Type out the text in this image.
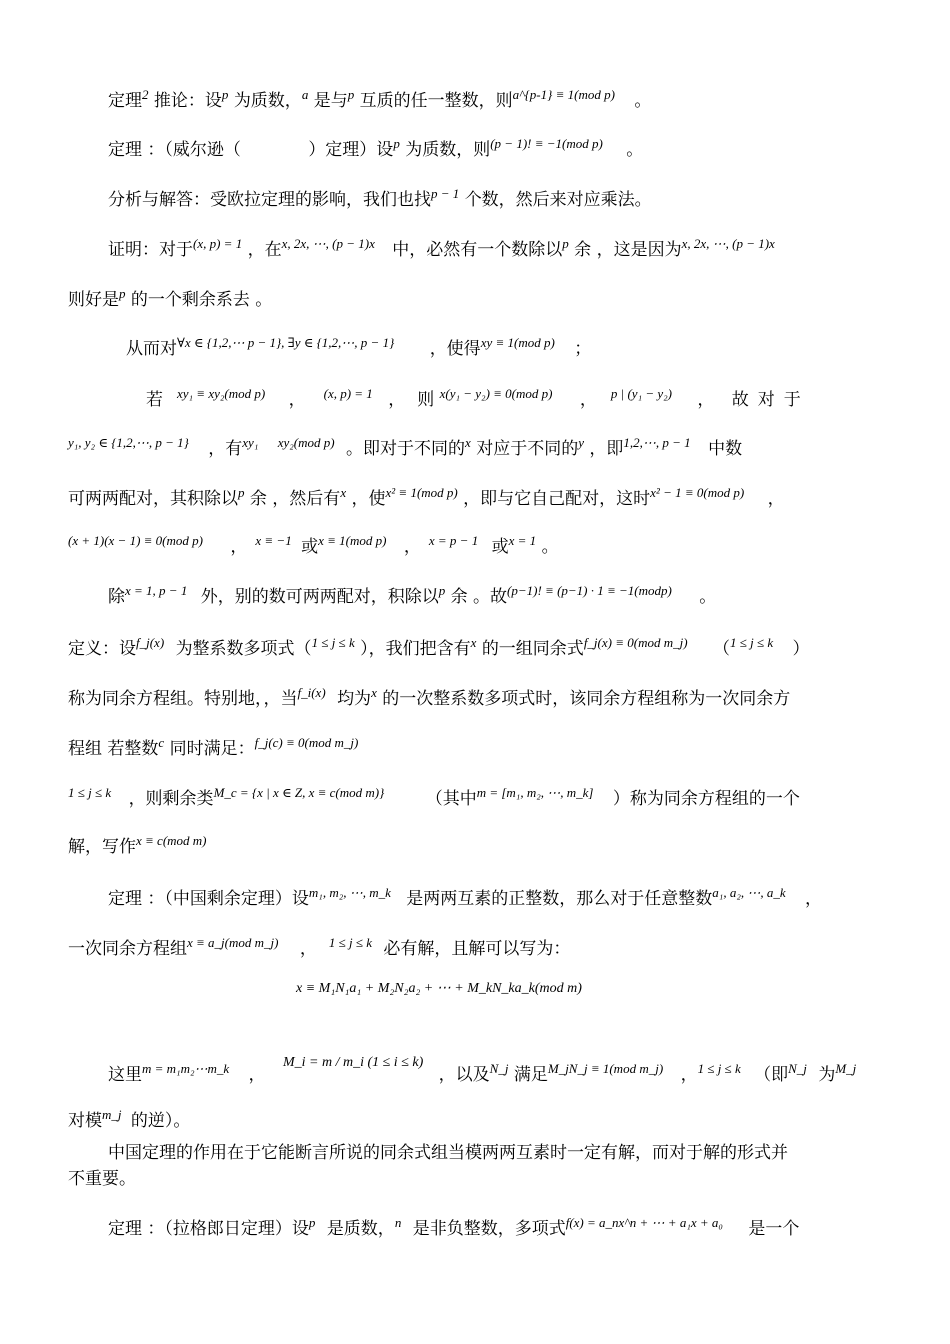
定理$^2$ 推论：设$^p$ 为质数，$^a$ 是与$^p$ 互质的任一整数，则$^{a\^{}\{p-1\} \equiv 1(mod p)}$ 。
定理 ：（威尔逊（	）定理）设$^p$ 为质数，则$^{(p - 1)! \equiv -1(mod p)}$ 。
分析与解答：受欧拉定理的影响，我们也找$^{p - 1}$ 个数，然后来对应乘法。
证明：对于$^{(x, p) = 1}$ ，在$^{x, 2x, \cdots, (p - 1)x}$ 中，必然有一个数除以$^p$ 余 ，这是因为$^{x, 2x, \cdots, (p - 1)x}$
则好是$^p$ 的一个剩余系去 。
从而对$^{\forall x \in \{1,2,\cdots p - 1\}, \exists y \in \{1,2,\cdots, p - 1\}}$ ，使得$^{xy \equiv 1(mod p)}$ ；
若 $^{xy_1 \equiv xy_2(mod p)}$ ， $^{(x, p) = 1}$ ， 则 $^{x(y_1 - y_2) \equiv 0(mod p)}$ ， $^{p | (y_1 - y_2)}$ ， 故对于
$^{y_1, y_2 \in \{1,2,\cdots, p - 1\}}$ ，有$^{xy_1}$ $^{xy_2(mod p)}$ 。即对于不同的$^x$ 对应于不同的$^y$ ，即$^{1,2,\cdots, p - 1}$ 中数
可两两配对，其积除以$^p$ 余 ，然后有$^x$ ，使$^{x^2 \equiv 1(mod p)}$ ，即与它自己配对，这时$^{x^2 - 1 \equiv 0(mod p)}$ ，
$^{(x + 1)(x - 1) \equiv 0(mod p)}$ ， $^{x \equiv -1}$ 或$^{x \equiv 1(mod p)}$ ， $^{x = p - 1}$ 或$^{x = 1}$ 。
除$^{x = 1, p - 1}$ 外，别的数可两两配对，积除以$^p$ 余 。故$^{(p-1)! \equiv (p-1) \cdot 1 \equiv -1(modp)}$ 。
定义：设$^{f\_j(x)}$ 为整系数多项式（$^{1 \le j \le k}$ ），我们把含有$^x$ 的一组同余式$^{f\_j(x) \equiv 0(mod m\_j)}$ （$^{1 \le j \le k}$ ）
称为同余方程组。特别地，，当$^{f\_i(x)}$ 均为$^x$ 的一次整系数多项式时，该同余方程组称为一次同余方
程组 若整数$^c$ 同时满足：$^{f\_j(c) \equiv 0(mod m\_j)}$
$^{1 \le j \le k}$ ，则剩余类$^{M\_c = \{x | x \in Z, x \equiv c(mod m)\}}$ （其中$^{m = [m_1, m_2, \cdots, m\_k]}$ ）称为同余方程组的一个
解，写作$^{x \equiv c(mod m)}$
定理 ：（中国剩余定理）设$^{m_1, m_2, \cdots, m\_k}$ 是两两互素的正整数，那么对于任意整数$^{a_1, a_2, \cdots, a\_k}$ ，
一次同余方程组$^{x \equiv a\_j(mod m\_j)}$ ， $^{1 \le j \le k}$ 必有解，且解可以写为：
x ≡ M₁N₁a₁ + M₂N₂a₂ + ⋯ + M_kN_ka_k(mod m)
这里$^{m = m_1m_2\cdots m\_k}$ ， $^{M\_i = m / m\_i (1 \le i \le k)}$ ，以及$^{N\_j}$ 满足$^{M\_jN\_j \equiv 1(mod m\_j)}$ ，$^{1 \le j \le k}$ （即$^{N\_j}$ 为$^{M\_j}$
对模$^{m\_j}$ 的逆）。
中国定理的作用在于它能断言所说的同余式组当模两两互素时一定有解，而对于解的形式并
不重要。
定理 ：（拉格郎日定理）设$^p$ 是质数，$^n$ 是非负整数，多项式$^{f(x) = a\_nx\^{}n + \cdots + a_1x + a_0}$ 是一个
